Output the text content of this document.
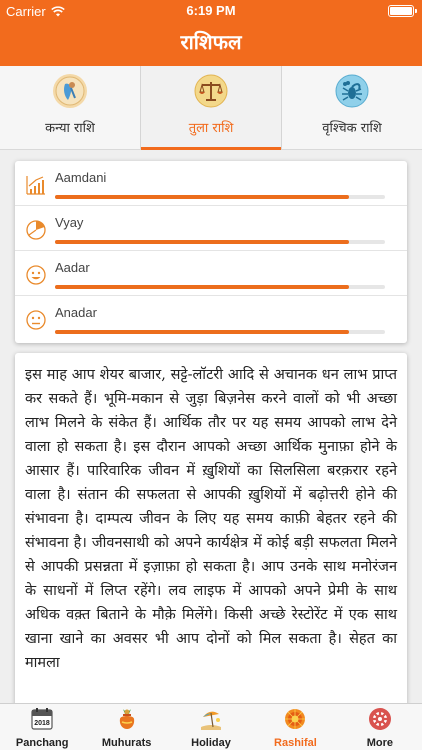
Carrier	6:19 PM
राशिफल
कन्या राशि	तुला राशि	वृश्चिक राशि
Aamdani
Vyay
Aadar
Anadar

इस माह आप शेयर बाजार, सट्टे-लॉटरी आदि से अचानक धन लाभ प्राप्त कर सकते हैं। भूमि-मकान से जुड़ा बिज़नेस करने वालों को भी अच्छा लाभ मिलने के संकेत हैं। आर्थिक तौर पर यह समय आपको लाभ देने वाला हो सकता है। इस दौरान आपको अच्छा आर्थिक मुनाफ़ा होने के आसार हैं। पारिवारिक जीवन में ख़ुशियों का सिलसिला बरक़रार रहने वाला है। संतान की सफलता से आपकी ख़ुशियों में बढ़ोत्तरी होने की संभावना है। दाम्पत्य जीवन के लिए यह समय काफ़ी बेहतर रहने की संभावना है। जीवनसाथी को अपने कार्यक्षेत्र में कोई बड़ी सफलता मिलने से आपकी प्रसन्नता में इज़ाफ़ा हो सकता है। आप उनके साथ मनोरंजन के साधनों में लिप्त रहेंगे। लव लाइफ में आपको अपने प्रेमी के साथ अधिक वक़्त बिताने के मौक़े मिलेंगे। किसी अच्छे रेस्टोरेंट में एक साथ खाना खाने का अवसर भी आप दोनों को मिल सकता है। सेहत का मामला

2018
Panchang	Muhurats	Holiday	Rashifal	More
